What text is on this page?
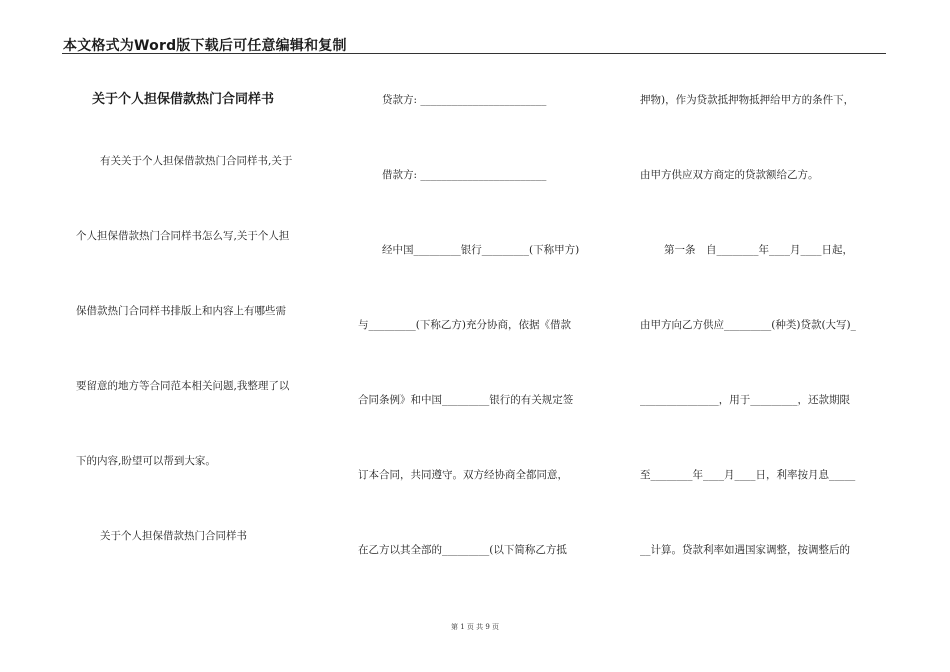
本文格式为Word版下载后可任意编辑和复制
关于个人担保借款热门合同样书
有关关于个人担保借款热门合同样书,关于
个人担保借款热门合同样书怎么写,关于个人担
保借款热门合同样书排版上和内容上有哪些需
要留意的地方等合同范本相关问题,我整理了以
下的内容,盼望可以帮到大家。
关于个人担保借款热门合同样书
贷款方: ________________________
借款方: ________________________
经中国_________银行_________(下称甲方)
与_________(下称乙方)充分协商，依据《借款
合同条例》和中国_________银行的有关规定签
订本合同，共同遵守。双方经协商全都同意，
在乙方以其全部的_________(以下简称乙方抵
押物)，作为贷款抵押物抵押给甲方的条件下，
由甲方供应双方商定的贷款额给乙方。
第一条　自________年____月____日起，
由甲方向乙方供应_________(种类)贷款(大写)_
_______________，用于_________，还款期限
至________年____月____日，利率按月息_____
__计算。贷款利率如遇国家调整，按调整后的
第 1 页 共 9 页
